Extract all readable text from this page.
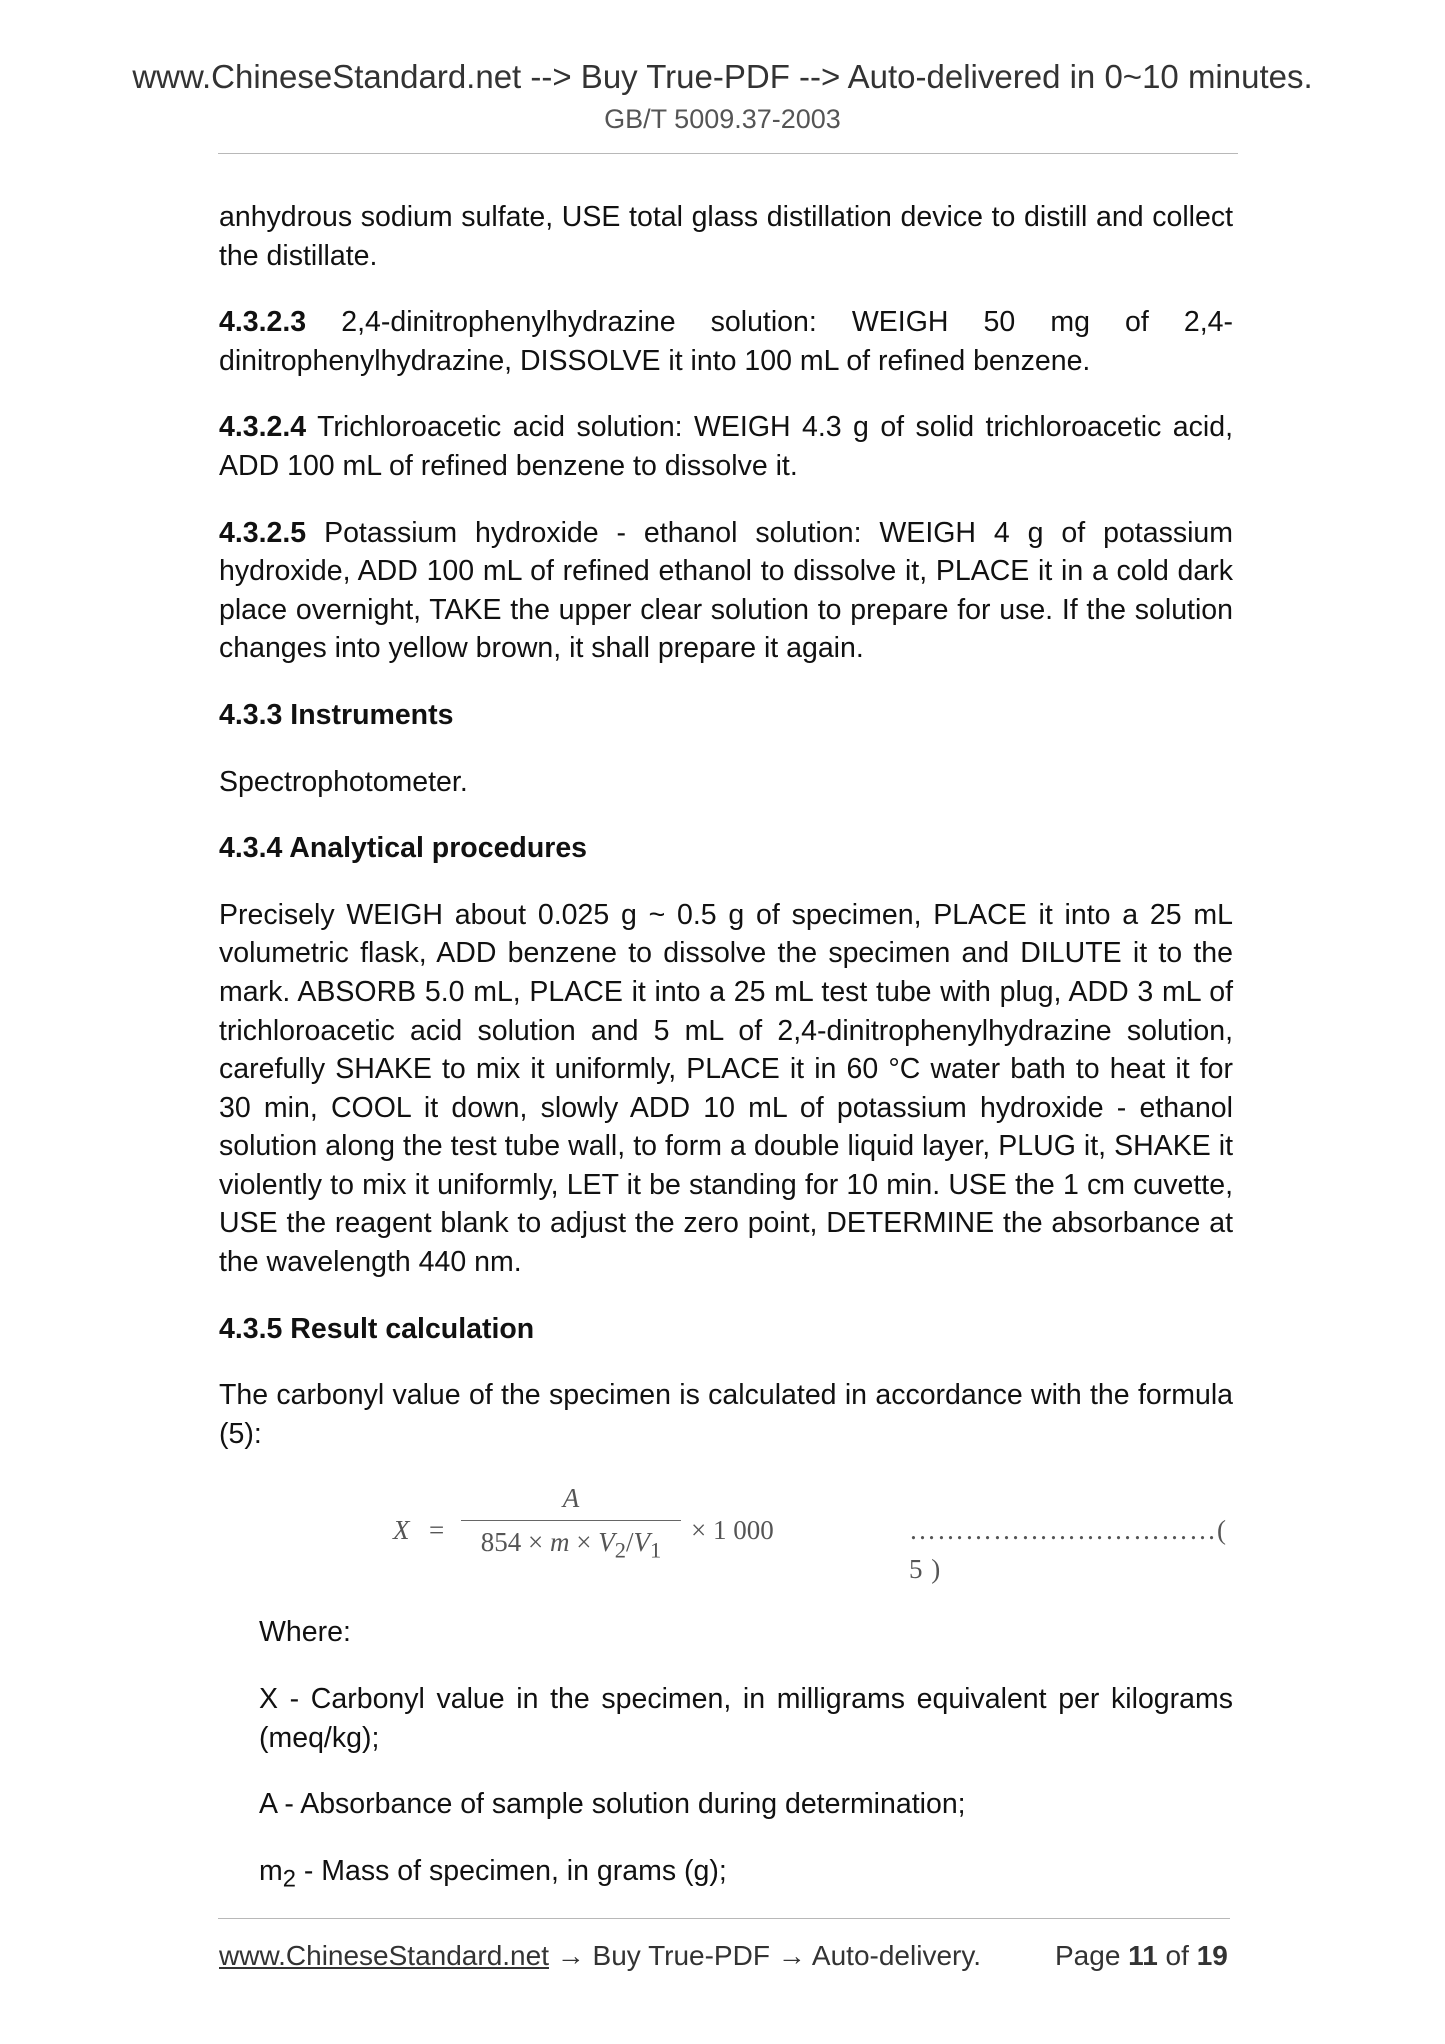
www.ChineseStandard.net --> Buy True-PDF --> Auto-delivered in 0~10 minutes.
GB/T 5009.37-2003

anhydrous sodium sulfate, USE total glass distillation device to distill and collect the distillate.

4.3.2.3 2,4-dinitrophenylhydrazine solution: WEIGH 50 mg of 2,4-dinitrophenylhydrazine, DISSOLVE it into 100 mL of refined benzene.

4.3.2.4 Trichloroacetic acid solution: WEIGH 4.3 g of solid trichloroacetic acid, ADD 100 mL of refined benzene to dissolve it.

4.3.2.5 Potassium hydroxide - ethanol solution: WEIGH 4 g of potassium hydroxide, ADD 100 mL of refined ethanol to dissolve it, PLACE it in a cold dark place overnight, TAKE the upper clear solution to prepare for use. If the solution changes into yellow brown, it shall prepare it again.

4.3.3 Instruments

Spectrophotometer.

4.3.4 Analytical procedures

Precisely WEIGH about 0.025 g ~ 0.5 g of specimen, PLACE it into a 25 mL volumetric flask, ADD benzene to dissolve the specimen and DILUTE it to the mark. ABSORB 5.0 mL, PLACE it into a 25 mL test tube with plug, ADD 3 mL of trichloroacetic acid solution and 5 mL of 2,4-dinitrophenylhydrazine solution, carefully SHAKE to mix it uniformly, PLACE it in 60 °C water bath to heat it for 30 min, COOL it down, slowly ADD 10 mL of potassium hydroxide - ethanol solution along the test tube wall, to form a double liquid layer, PLUG it, SHAKE it violently to mix it uniformly, LET it be standing for 10 min. USE the 1 cm cuvette, USE the reagent blank to adjust the zero point, DETERMINE the absorbance at the wavelength 440 nm.

4.3.5 Result calculation

The carbonyl value of the specimen is calculated in accordance with the formula (5):

X =
A
$854 \times m \times V_2/V_1$
× 1 000	……………………………( 5 )

Where:

X - Carbonyl value in the specimen, in milligrams equivalent per kilograms (meq/kg);

A - Absorbance of sample solution during determination;

$m_2$ - Mass of specimen, in grams (g);

www.ChineseStandard.net → Buy True-PDF → Auto-delivery.	Page 11 of 19
